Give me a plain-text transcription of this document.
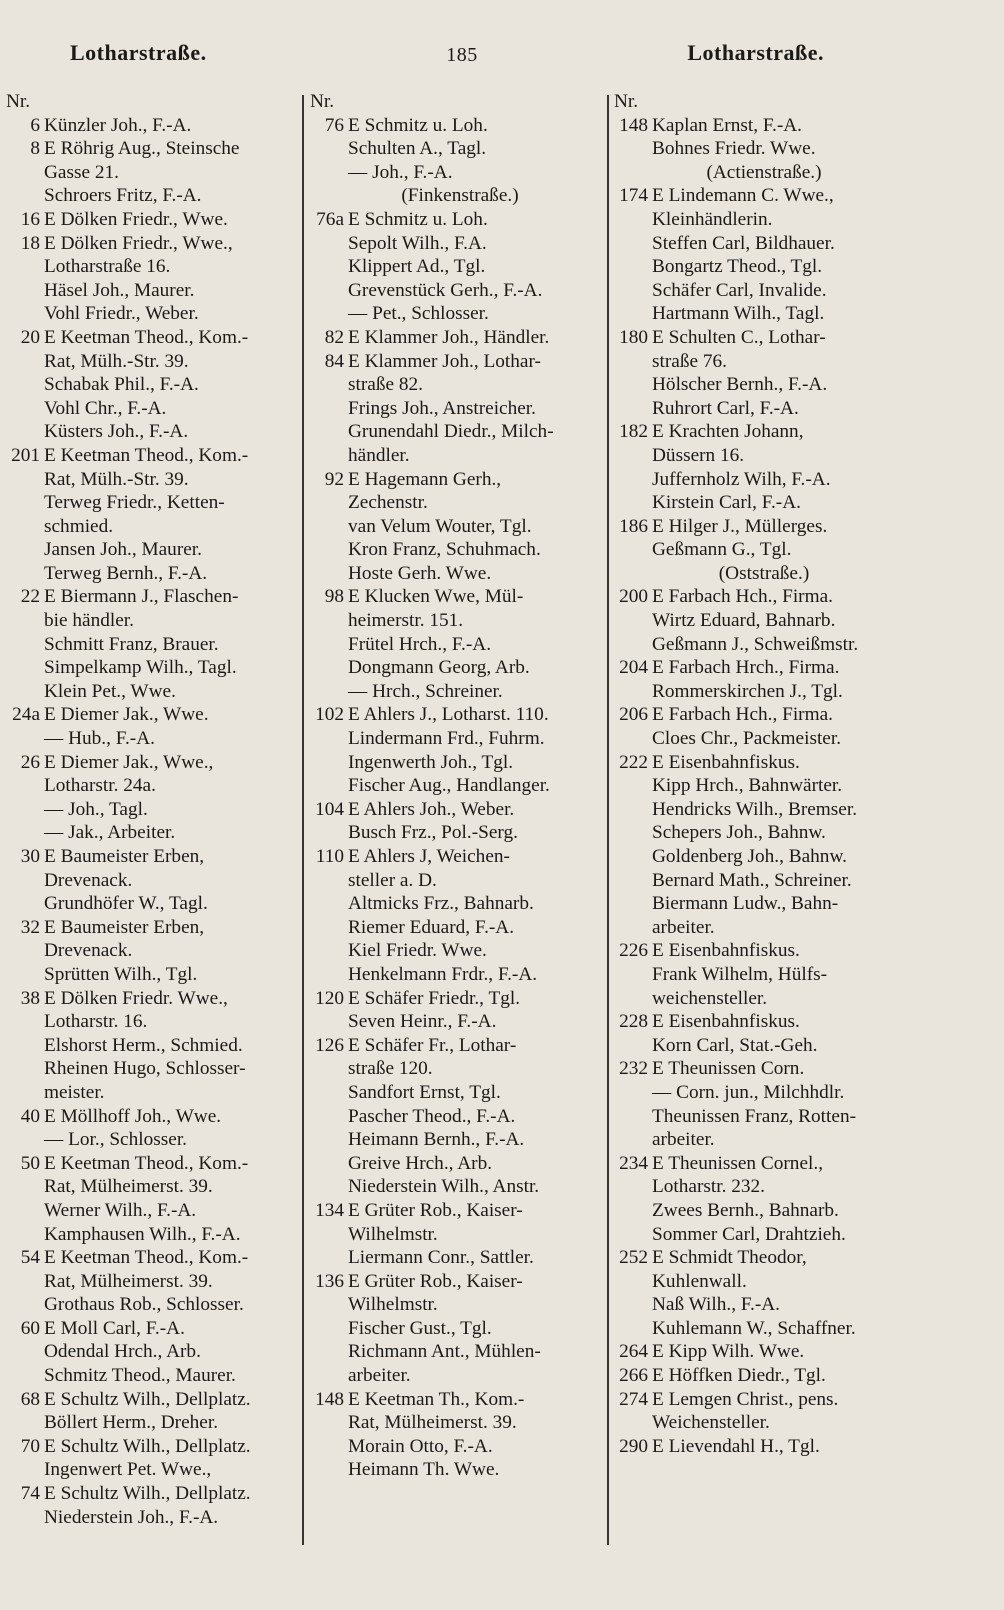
Lotharstraße.	185	Lotharstraße.
Nr.
6 Künzler Joh., F.-A.
8 E Röhrig Aug., Steinsche
Gasse 21.
Schroers Fritz, F.-A.
16 E Dölken Friedr., Wwe.
18 E Dölken Friedr., Wwe.,
Lotharstraße 16.
Häsel Joh., Maurer.
Vohl Friedr., Weber.
20 E Keetman Theod., Kom.-
Rat, Mülh.-Str. 39.
Schabak Phil., F.-A.
Vohl Chr., F.-A.
Küsters Joh., F.-A.
201 E Keetman Theod., Kom.-
Rat, Mülh.-Str. 39.
Terweg Friedr., Ketten-
schmied.
Jansen Joh., Maurer.
Terweg Bernh., F.-A.
22 E Biermann J., Flaschen-
bie händler.
Schmitt Franz, Brauer.
Simpelkamp Wilh., Tagl.
Klein Pet., Wwe.
24a E Diemer Jak., Wwe.
— Hub., F.-A.
26 E Diemer Jak., Wwe.,
Lotharstr. 24a.
— Joh., Tagl.
— Jak., Arbeiter.
30 E Baumeister Erben,
Drevenack.
Grundhöfer W., Tagl.
32 E Baumeister Erben,
Drevenack.
Sprütten Wilh., Tgl.
38 E Dölken Friedr. Wwe.,
Lotharstr. 16.
Elshorst Herm., Schmied.
Rheinen Hugo, Schlosser-
meister.
40 E Möllhoff Joh., Wwe.
— Lor., Schlosser.
50 E Keetman Theod., Kom.-
Rat, Mülheimerst. 39.
Werner Wilh., F.-A.
Kamphausen Wilh., F.-A.
54 E Keetman Theod., Kom.-
Rat, Mülheimerst. 39.
Grothaus Rob., Schlosser.
60 E Moll Carl, F.-A.
Odendal Hrch., Arb.
Schmitz Theod., Maurer.
68 E Schultz Wilh., Dellplatz.
Böllert Herm., Dreher.
70 E Schultz Wilh., Dellplatz.
Ingenwert Pet. Wwe.,
74 E Schultz Wilh., Dellplatz.
Niederstein Joh., F.-A.
Nr.
76 E Schmitz u. Loh.
Schulten A., Tagl.
— Joh., F.-A.
(Finkenstraße.)
76a E Schmitz u. Loh.
Sepolt Wilh., F.A.
Klippert Ad., Tgl.
Grevenstück Gerh., F.-A.
— Pet., Schlosser.
82 E Klammer Joh., Händler.
84 E Klammer Joh., Lothar-
straße 82.
Frings Joh., Anstreicher.
Grunendahl Diedr., Milch-
händler.
92 E Hagemann Gerh.,
Zechenstr.
van Velum Wouter, Tgl.
Kron Franz, Schuhmach.
Hoste Gerh. Wwe.
98 E Klucken Wwe, Mül-
heimerstr. 151.
Frütel Hrch., F.-A.
Dongmann Georg, Arb.
— Hrch., Schreiner.
102 E Ahlers J., Lotharst. 110.
Lindermann Frd., Fuhrm.
Ingenwerth Joh., Tgl.
Fischer Aug., Handlanger.
104 E Ahlers Joh., Weber.
Busch Frz., Pol.-Serg.
110 E Ahlers J, Weichen-
steller a. D.
Altmicks Frz., Bahnarb.
Riemer Eduard, F.-A.
Kiel Friedr. Wwe.
Henkelmann Frdr., F.-A.
120 E Schäfer Friedr., Tgl.
Seven Heinr., F.-A.
126 E Schäfer Fr., Lothar-
straße 120.
Sandfort Ernst, Tgl.
Pascher Theod., F.-A.
Heimann Bernh., F.-A.
Greive Hrch., Arb.
Niederstein Wilh., Anstr.
134 E Grüter Rob., Kaiser-
Wilhelmstr.
Liermann Conr., Sattler.
136 E Grüter Rob., Kaiser-
Wilhelmstr.
Fischer Gust., Tgl.
Richmann Ant., Mühlen-
arbeiter.
148 E Keetman Th., Kom.-
Rat, Mülheimerst. 39.
Morain Otto, F.-A.
Heimann Th. Wwe.
Nr.
148 Kaplan Ernst, F.-A.
Bohnes Friedr. Wwe.
(Actienstraße.)
174 E Lindemann C. Wwe.,
Kleinhändlerin.
Steffen Carl, Bildhauer.
Bongartz Theod., Tgl.
Schäfer Carl, Invalide.
Hartmann Wilh., Tagl.
180 E Schulten C., Lothar-
straße 76.
Hölscher Bernh., F.-A.
Ruhrort Carl, F.-A.
182 E Krachten Johann,
Düssern 16.
Juffernholz Wilh, F.-A.
Kirstein Carl, F.-A.
186 E Hilger J., Müllerges.
Geßmann G., Tgl.
(Oststraße.)
200 E Farbach Hch., Firma.
Wirtz Eduard, Bahnarb.
Geßmann J., Schweißmstr.
204 E Farbach Hrch., Firma.
Rommerskirchen J., Tgl.
206 E Farbach Hch., Firma.
Cloes Chr., Packmeister.
222 E Eisenbahnfiskus.
Kipp Hrch., Bahnwärter.
Hendricks Wilh., Bremser.
Schepers Joh., Bahnw.
Goldenberg Joh., Bahnw.
Bernard Math., Schreiner.
Biermann Ludw., Bahn-
arbeiter.
226 E Eisenbahnfiskus.
Frank Wilhelm, Hülfs-
weichensteller.
228 E Eisenbahnfiskus.
Korn Carl, Stat.-Geh.
232 E Theunissen Corn.
— Corn. jun., Milchhdlr.
Theunissen Franz, Rotten-
arbeiter.
234 E Theunissen Cornel.,
Lotharstr. 232.
Zwees Bernh., Bahnarb.
Sommer Carl, Drahtzieh.
252 E Schmidt Theodor,
Kuhlenwall.
Naß Wilh., F.-A.
Kuhlemann W., Schaffner.
264 E Kipp Wilh. Wwe.
266 E Höffken Diedr., Tgl.
274 E Lemgen Christ., pens.
Weichensteller.
290 E Lievendahl H., Tgl.
